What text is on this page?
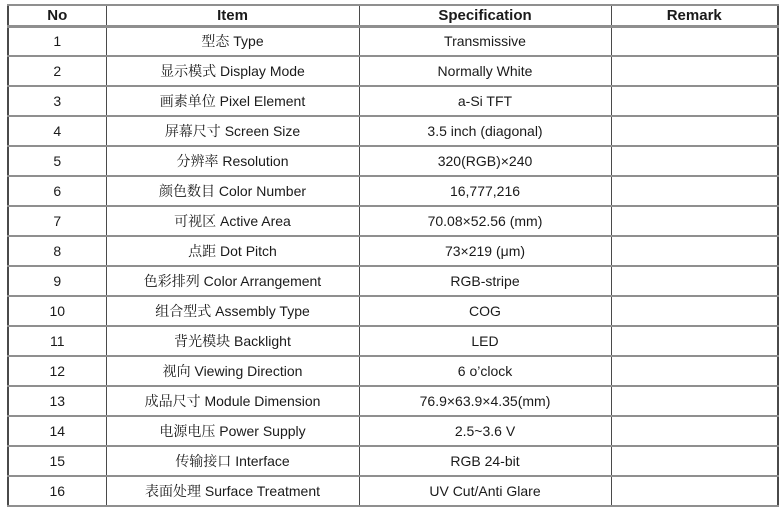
No	Item	Specification	Remark
1	型态 Type	Transmissive	
2	显示模式 Display Mode	Normally White	
3	画素单位 Pixel Element	a-Si TFT	
4	屏幕尺寸 Screen Size	3.5 inch (diagonal)	
5	分辨率 Resolution	320(RGB)×240	
6	颜色数目 Color Number	16,777,216	
7	可视区 Active Area	70.08×52.56 (mm)	
8	点距 Dot Pitch	73×219 (μm)	
9	色彩排列 Color Arrangement	RGB-stripe	
10	组合型式 Assembly Type	COG	
11	背光模块 Backlight	LED	
12	视向 Viewing Direction	6 o’clock	
13	成品尺寸 Module Dimension	76.9×63.9×4.35(mm)	
14	电源电压 Power Supply	2.5~3.6 V	
15	传输接口 Interface	RGB 24-bit	
16	表面处理 Surface Treatment	UV Cut/Anti Glare	
